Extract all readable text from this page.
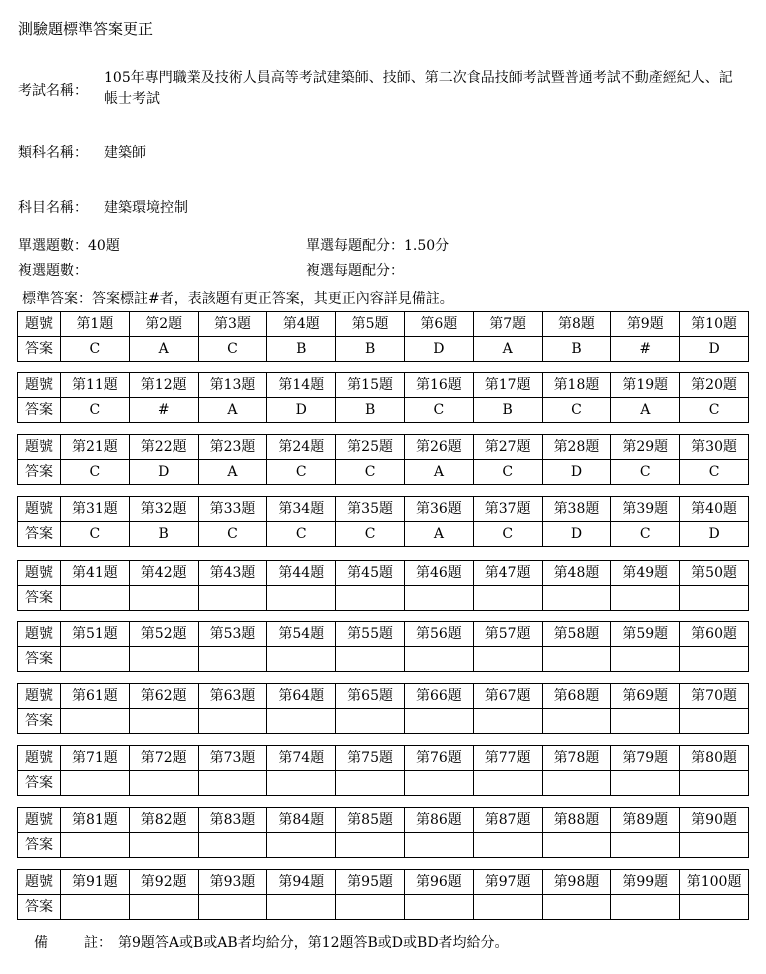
測驗題標準答案更正
考試名稱：
105年專門職業及技術人員高等考試建築師、技師、第二次食品技師考試暨普通考試不動產經紀人、記帳士考試
類科名稱： 建築師
科目名稱： 建築環境控制
單選題數：40題	單選每題配分：1.50分
複選題數：	複選每題配分：
標準答案：答案標註#者，表該題有更正答案，其更正內容詳見備註。
題號	第1題	第2題	第3題	第4題	第5題	第6題	第7題	第8題	第9題	第10題
答案	C	A	C	B	B	D	A	B	#	D
題號	第11題	第12題	第13題	第14題	第15題	第16題	第17題	第18題	第19題	第20題
答案	C	#	A	D	B	C	B	C	A	C
題號	第21題	第22題	第23題	第24題	第25題	第26題	第27題	第28題	第29題	第30題
答案	C	D	A	C	C	A	C	D	C	C
題號	第31題	第32題	第33題	第34題	第35題	第36題	第37題	第38題	第39題	第40題
答案	C	B	C	C	C	A	C	D	C	D
題號	第41題	第42題	第43題	第44題	第45題	第46題	第47題	第48題	第49題	第50題
答案										
題號	第51題	第52題	第53題	第54題	第55題	第56題	第57題	第58題	第59題	第60題
答案										
題號	第61題	第62題	第63題	第64題	第65題	第66題	第67題	第68題	第69題	第70題
答案										
題號	第71題	第72題	第73題	第74題	第75題	第76題	第77題	第78題	第79題	第80題
答案										
題號	第81題	第82題	第83題	第84題	第85題	第86題	第87題	第88題	第89題	第90題
答案										
題號	第91題	第92題	第93題	第94題	第95題	第96題	第97題	第98題	第99題	第100題
答案										
備	註： 第9題答A或B或AB者均給分，第12題答B或D或BD者均給分。
